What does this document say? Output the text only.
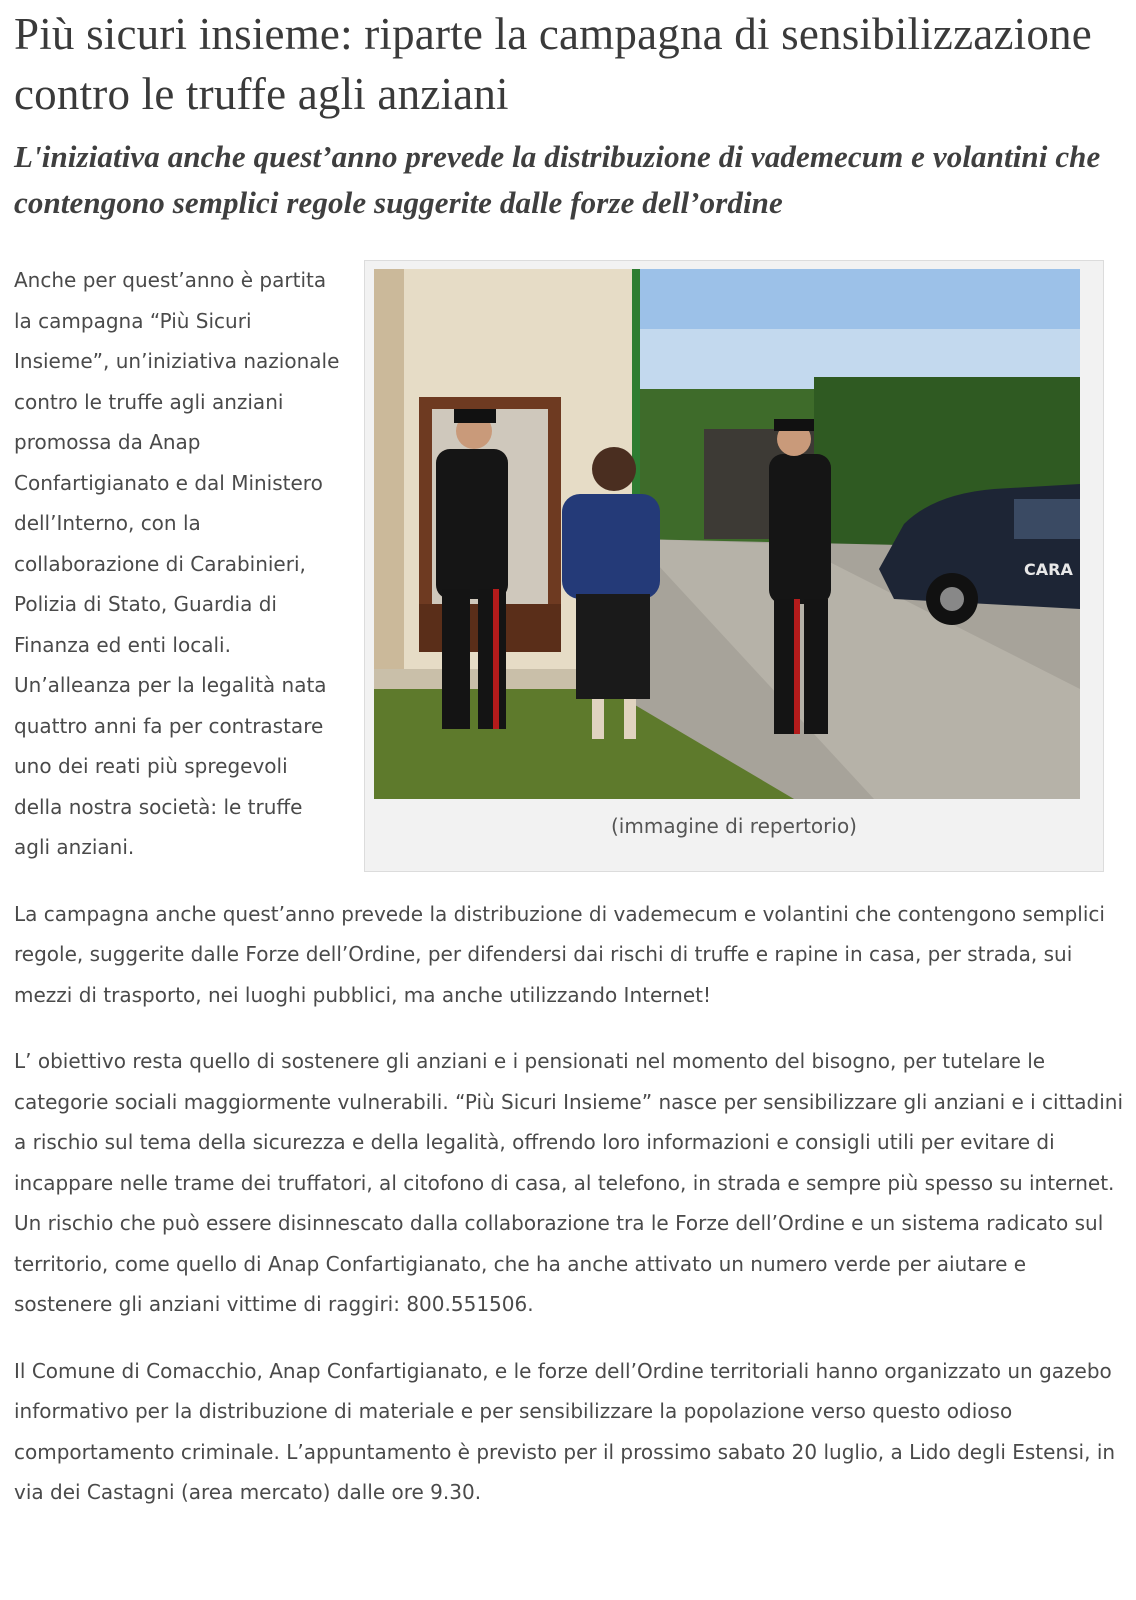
Più sicuri insieme: riparte la campagna di sensibilizzazione contro le truffe agli anziani
L'iniziativa anche quest’anno prevede la distribuzione di vademecum e volantini che contengono semplici regole suggerite dalle forze dell’ordine
CARA
(immagine di repertorio)

Anche per quest’anno è partita la campagna “Più Sicuri Insieme”, un’iniziativa nazionale contro le truffe agli anziani promossa da Anap Confartigianato e dal Ministero dell’Interno, con la collaborazione di Carabinieri, Polizia di Stato, Guardia di Finanza ed enti locali. Un’alleanza per la legalità nata quattro anni fa per contrastare uno dei reati più spregevoli della nostra società: le truffe agli anziani.

La campagna anche quest’anno prevede la distribuzione di vademecum e volantini che contengono semplici regole, suggerite dalle Forze dell’Ordine, per difendersi dai rischi di truffe e rapine in casa, per strada, sui mezzi di trasporto, nei luoghi pubblici, ma anche utilizzando Internet!

L’ obiettivo resta quello di sostenere gli anziani e i pensionati nel momento del bisogno, per tutelare le categorie sociali maggiormente vulnerabili. “Più Sicuri Insieme” nasce per sensibilizzare gli anziani e i cittadini a rischio sul tema della sicurezza e della legalità, offrendo loro informazioni e consigli utili per evitare di incappare nelle trame dei truffatori, al citofono di casa, al telefono, in strada e sempre più spesso su internet. Un rischio che può essere disinnescato dalla collaborazione tra le Forze dell’Ordine e un sistema radicato sul territorio, come quello di Anap Confartigianato, che ha anche attivato un numero verde per aiutare e sostenere gli anziani vittime di raggiri: 800.551506.

Il Comune di Comacchio, Anap Confartigianato, e le forze dell’Ordine territoriali hanno organizzato un gazebo informativo per la distribuzione di materiale e per sensibilizzare la popolazione verso questo odioso comportamento criminale. L’appuntamento è previsto per il prossimo sabato 20 luglio, a Lido degli Estensi, in via dei Castagni (area mercato) dalle ore 9.30.
